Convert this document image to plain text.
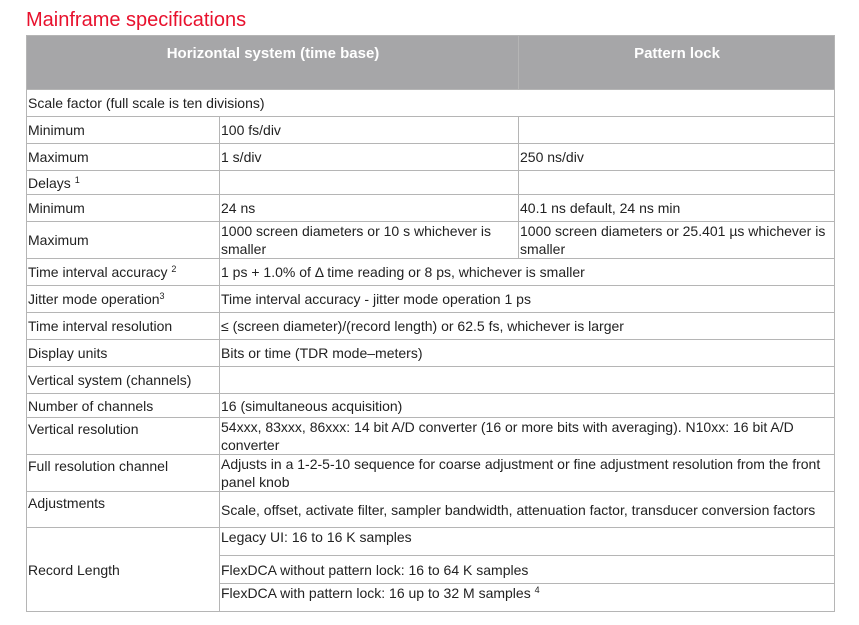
Mainframe specifications
Horizontal system (time base)		Pattern lock
Scale factor (full scale is ten divisions)		
Minimum	100 fs/div	
Maximum	1 s/div	250 ns/div
Delays $^1$		
Minimum	24 ns	40.1 ns default, 24 ns min
Maximum	1000 screen diameters or 10 s whichever is smaller	1000 screen diameters or 25.401 µs whichever is smaller
Time interval accuracy $^2$	1 ps + 1.0% of Δ time reading or 8 ps, whichever is smaller	
Jitter mode operation$^3$	Time interval accuracy - jitter mode operation 1 ps	
Time interval resolution	≤ (screen diameter)/(record length) or 62.5 fs, whichever is larger	
Display units	Bits or time (TDR mode–meters)	
Vertical system (channels)		
Number of channels	16 (simultaneous acquisition)	
Vertical resolution	54xxx, 83xxx, 86xxx: 14 bit A/D converter (16 or more bits with averaging). N10xx: 16 bit A/D converter	
Full resolution channel	Adjusts in a 1-2-5-10 sequence for coarse adjustment or fine adjustment resolution from the front panel knob	
Adjustments	Scale, offset, activate filter, sampler bandwidth, attenuation factor, transducer conversion factors	
Record Length	Legacy UI: 16 to 16 K samples	
	FlexDCA without pattern lock: 16 to 64 K samples	
	FlexDCA with pattern lock: 16 up to 32 M samples $^4$
